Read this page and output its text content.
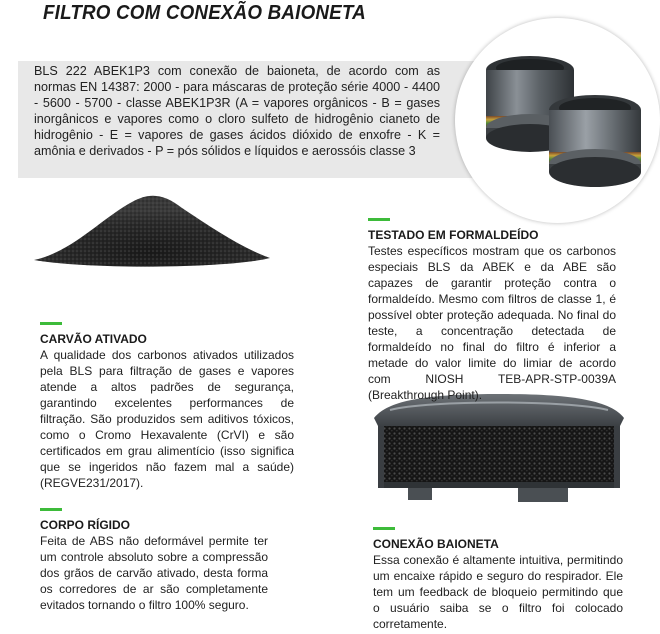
FILTRO COM CONEXÃO BAIONETA
BLS 222 ABEK1P3 com conexão de baioneta, de acordo com as normas EN 14387: 2000 - para máscaras de proteção série 4000 - 4400 - 5600 - 5700 - classe ABEK1P3R (A = vapores orgânicos - B = gases inorgânicos e vapores como o cloro sulfeto de hidrogênio cianeto de hidrogênio - E = vapores de gases ácidos dióxido de enxofre - K = amônia e derivados - P = pós sólidos e líquidos e aerossóis classe 3
CARVÃO ATIVADO
A qualidade dos carbonos ativados utilizados pela BLS para filtração de gases e vapores atende a altos padrões de segurança, garantindo excelentes performances de filtração. São produzidos sem aditivos tóxicos, como o Cromo Hexavalente (CrVI) e são certificados em grau alimentício (isso significa que se ingeridos não fazem mal a saúde) (REGVE231/2017).
CORPO RÍGIDO
Feita de ABS não deformável permite ter um controle absoluto sobre a compressão dos grãos de carvão ativado, desta forma os corredores de ar são completamente evitados tornando o filtro 100% seguro.
TESTADO EM FORMALDEÍDO
Testes específicos mostram que os carbonos especiais BLS da ABEK e da ABE são capazes de garantir proteção contra o formaldeído. Mesmo com filtros de classe 1, é possível obter proteção adequada. No final do teste, a concentração detectada de formaldeído no final do filtro é inferior a metade do valor limite do limiar de acordo com NIOSH TEB-APR-STP-0039A (Breakthrough Point).
CONEXÃO BAIONETA
Essa conexão é altamente intuitiva, permitindo um encaixe rápido e seguro do respirador. Ele tem um feedback de bloqueio permitindo que o usuário saiba se o filtro foi colocado corretamente.
